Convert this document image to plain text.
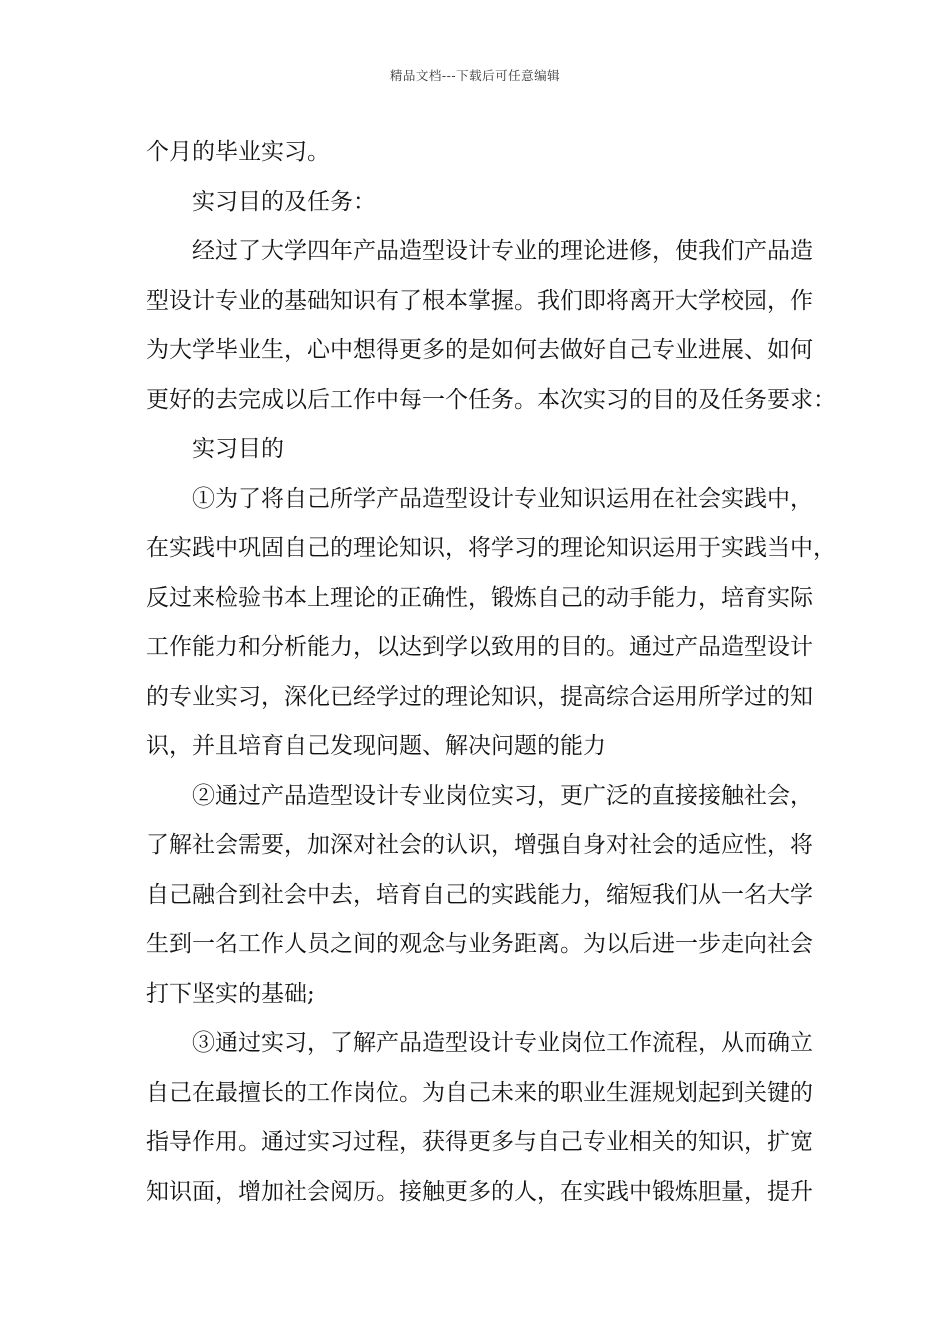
精品文档---下载后可任意编辑
个月的毕业实习。
实习目的及任务：
经过了大学四年产品造型设计专业的理论进修，使我们产品造
型设计专业的基础知识有了根本掌握。我们即将离开大学校园，作
为大学毕业生，心中想得更多的是如何去做好自己专业进展、如何
更好的去完成以后工作中每一个任务。本次实习的目的及任务要求：
实习目的
①为了将自己所学产品造型设计专业知识运用在社会实践中，
在实践中巩固自己的理论知识，将学习的理论知识运用于实践当中，
反过来检验书本上理论的正确性，锻炼自己的动手能力，培育实际
工作能力和分析能力，以达到学以致用的目的。通过产品造型设计
的专业实习，深化已经学过的理论知识，提高综合运用所学过的知
识，并且培育自己发现问题、解决问题的能力
②通过产品造型设计专业岗位实习，更广泛的直接接触社会，
了解社会需要，加深对社会的认识，增强自身对社会的适应性，将
自己融合到社会中去，培育自己的实践能力，缩短我们从一名大学
生到一名工作人员之间的观念与业务距离。为以后进一步走向社会
打下坚实的基础;
③通过实习，了解产品造型设计专业岗位工作流程，从而确立
自己在最擅长的工作岗位。为自己未来的职业生涯规划起到关键的
指导作用。通过实习过程，获得更多与自己专业相关的知识，扩宽
知识面，增加社会阅历。接触更多的人，在实践中锻炼胆量，提升
